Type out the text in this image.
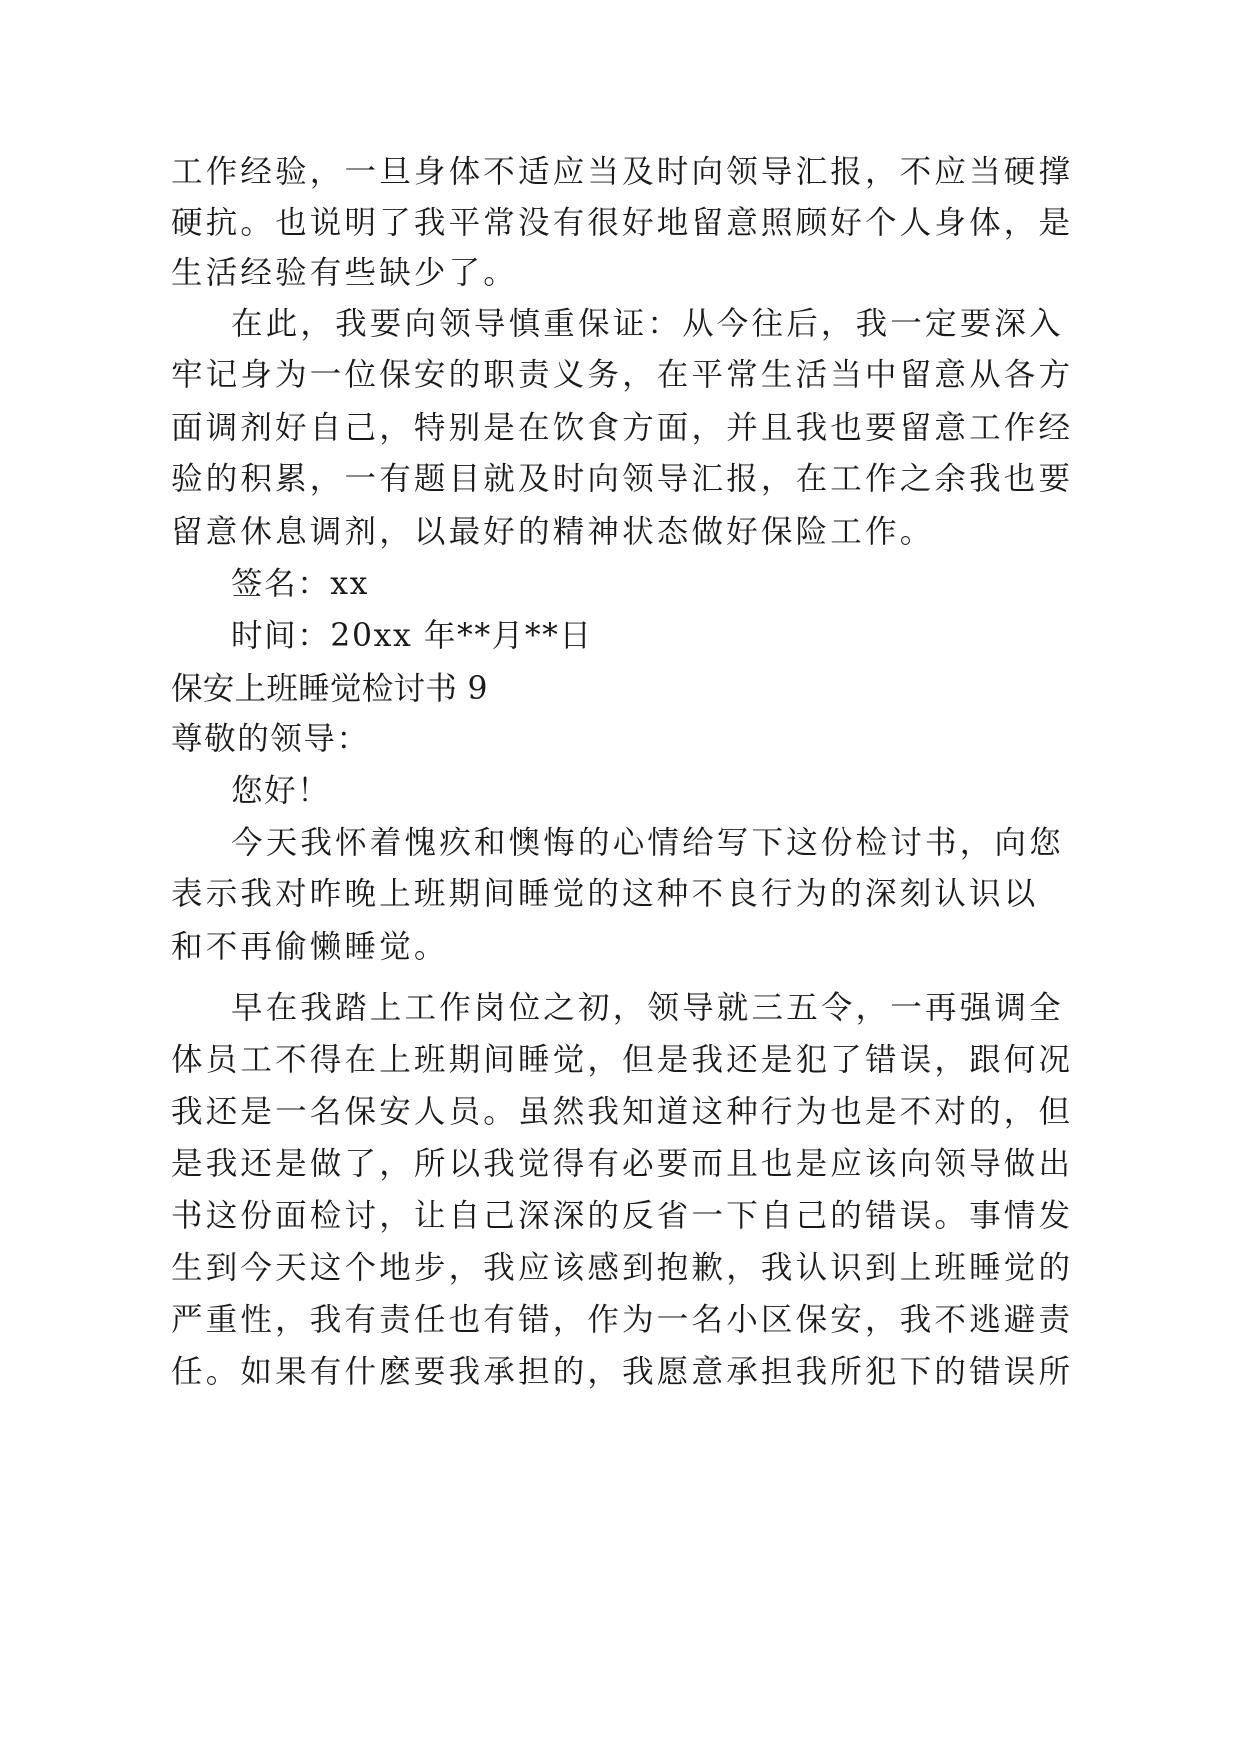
工作经验，一旦身体不适应当及时向领导汇报，不应当硬撑

硬抗。也说明了我平常没有很好地留意照顾好个人身体，是

生活经验有些缺少了。

在此，我要向领导慎重保证：从今往后，我一定要深入

牢记身为一位保安的职责义务，在平常生活当中留意从各方

面调剂好自己，特别是在饮食方面，并且我也要留意工作经

验的积累，一有题目就及时向领导汇报，在工作之余我也要

留意休息调剂，以最好的精神状态做好保险工作。

签名：xx

时间：20xx 年**月**日

保安上班睡觉检讨书 9

尊敬的领导：

您好！

今天我怀着愧疚和懊悔的心情给写下这份检讨书，向您

表示我对昨晚上班期间睡觉的这种不良行为的深刻认识以

和不再偷懒睡觉。

早在我踏上工作岗位之初，领导就三五令，一再强调全

体员工不得在上班期间睡觉，但是我还是犯了错误，跟何况

我还是一名保安人员。虽然我知道这种行为也是不对的，但

是我还是做了，所以我觉得有必要而且也是应该向领导做出

书这份面检讨，让自己深深的反省一下自己的错误。事情发

生到今天这个地步，我应该感到抱歉，我认识到上班睡觉的

严重性，我有责任也有错，作为一名小区保安，我不逃避责

任。如果有什麽要我承担的，我愿意承担我所犯下的错误所
